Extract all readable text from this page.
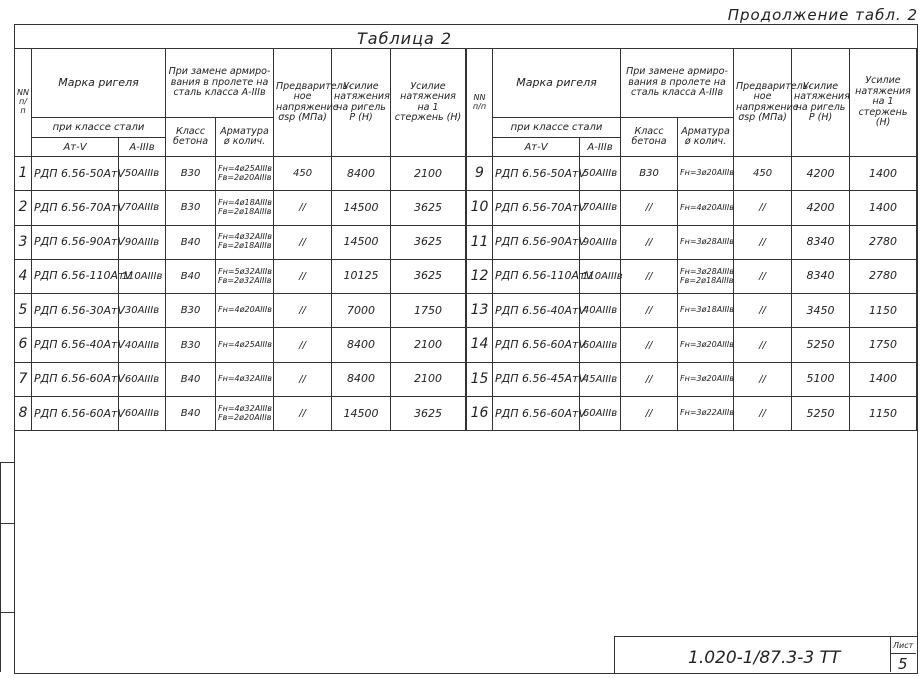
Продолжение табл. 2
Таблица 2
NN п/п	Марка ригеля		При замене армиро-вания в пролете на сталь класса А-IIIв		Предваритель-ное напряжение σsp (МПа)	Усилие натяжения на ригель P (Н)	Усилие натяжения на 1 стержень (Н)
	при классе стали		Класс бетона	Арматура ø колич.			
	Ат-V	А-IIIв					
1	РДП 6.56-50АтV	50АIIIв	В30	Fн=4ø25АIIIв
Fв=2ø20АIIIв	450	8400	2100
2	РДП 6.56-70АтV	70АIIIв	В30	Fн=4ø18АIIIв
Fв=2ø18АIIIв	//	14500	3625
3	РДП 6.56-90АтV	90АIIIв	В40	Fн=4ø32АIIIв
Fв=2ø18АIIIв	//	14500	3625
4	РДП 6.56-110АтV	110АIIIв	В40	Fн=5ø32АIIIв
Fв=2ø32АIIIв	//	10125	3625
5	РДП 6.56-30АтV	30АIIIв	В30	Fн=4ø20АIIIв	//	7000	1750
6	РДП 6.56-40АтV	40АIIIв	В30	Fн=4ø25АIIIв	//	8400	2100
7	РДП 6.56-60АтV	60АIIIв	В40	Fн=4ø32АIIIв	//	8400	2100
8	РДП 6.56-60АтV	60АIIIв	В40	Fн=4ø32АIIIв
Fв=2ø20АIIIв	//	14500	3625
NN п/п	Марка ригеля		При замене армиро-вания в пролете на сталь класса А-IIIв		Предваритель-ное напряжение σsp (МПа)	Усилие натяжения на ригель P (Н)	Усилие натяжения на 1 стержень (Н)
	при классе стали		Класс бетона	Арматура ø колич.			
	Ат-V	А-IIIв					
9	РДП 6.56-50АтV	50АIIIв	В30	Fн=3ø20АIIIв	450	4200	1400
10	РДП 6.56-70АтV	70АIIIв	//	Fн=4ø20АIIIв	//	4200	1400
11	РДП 6.56-90АтV	90АIIIв	//	Fн=3ø28АIIIв	//	8340	2780
12	РДП 6.56-110АтV	110АIIIв	//	Fн=3ø28АIIIв
Fв=2ø18АIIIв	//	8340	2780
13	РДП 6.56-40АтV	40АIIIв	//	Fн=3ø18АIIIв	//	3450	1150
14	РДП 6.56-60АтV	60АIIIв	//	Fн=3ø20АIIIв	//	5250	1750
15	РДП 6.56-45АтV	45АIIIв	//	Fн=3ø20АIIIв	//	5100	1400
16	РДП 6.56-60АтV	60АIIIв	//	Fн=3ø22АIIIв	//	5250	1150
1.020-1/87.3-3 ТТ
Лист
5
